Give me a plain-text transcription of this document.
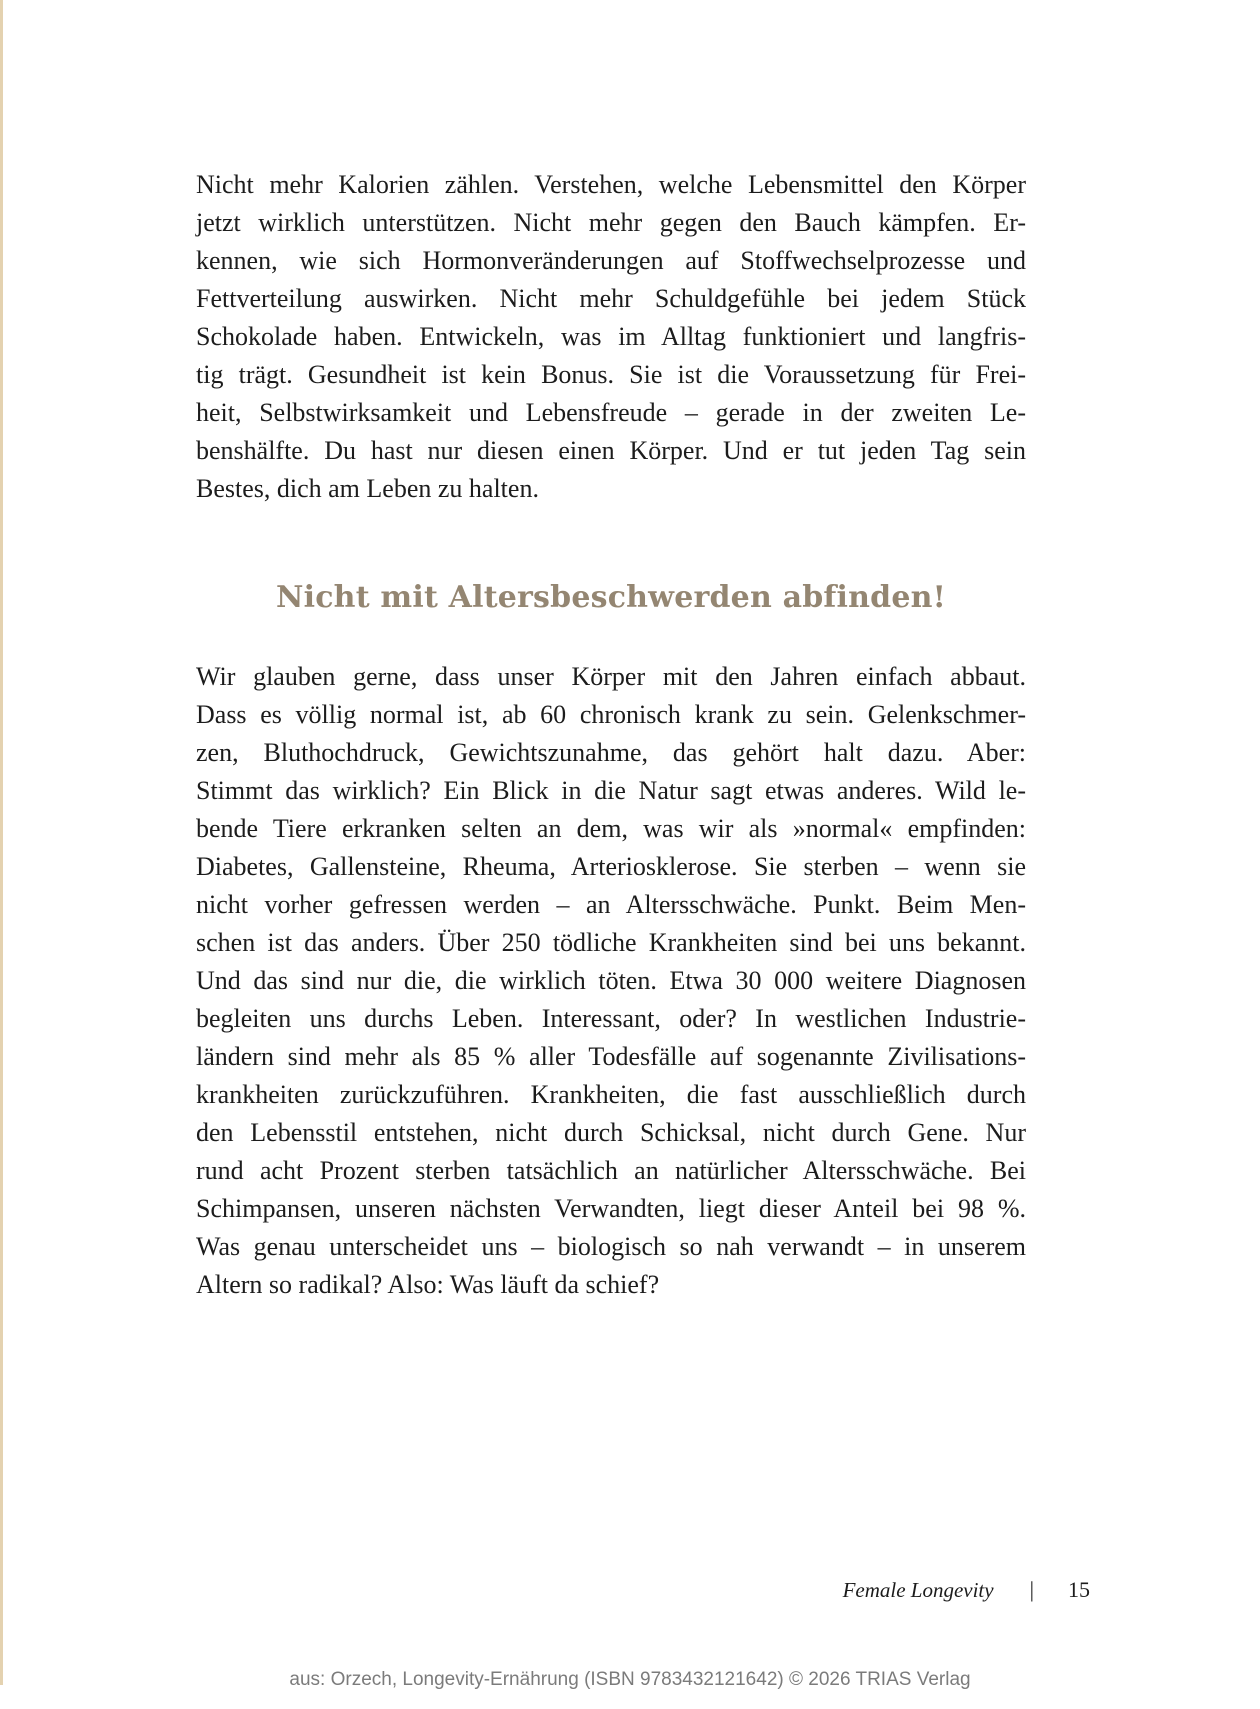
Nicht mehr Kalorien zählen. Verstehen, welche Lebensmittel den Körper
jetzt wirklich unterstützen. Nicht mehr gegen den Bauch kämpfen. Er-
kennen, wie sich Hormonveränderungen auf Stoffwechselprozesse und
Fettverteilung auswirken. Nicht mehr Schuldgefühle bei jedem Stück
Schokolade haben. Entwickeln, was im Alltag funktioniert und langfris-
tig trägt. Gesundheit ist kein Bonus. Sie ist die Voraussetzung für Frei-
heit, Selbstwirksamkeit und Lebensfreude – gerade in der zweiten Le-
benshälfte. Du hast nur diesen einen Körper. Und er tut jeden Tag sein
Bestes, dich am Leben zu halten.
Nicht mit Altersbeschwerden abfinden!
Wir glauben gerne, dass unser Körper mit den Jahren einfach abbaut.
Dass es völlig normal ist, ab 60 chronisch krank zu sein. Gelenkschmer-
zen, Bluthochdruck, Gewichtszunahme, das gehört halt dazu. Aber:
Stimmt das wirklich? Ein Blick in die Natur sagt etwas anderes. Wild le-
bende Tiere erkranken selten an dem, was wir als »normal« empfinden:
Diabetes, Gallensteine, Rheuma, Arteriosklerose. Sie sterben – wenn sie
nicht vorher gefressen werden – an Altersschwäche. Punkt. Beim Men-
schen ist das anders. Über 250 tödliche Krankheiten sind bei uns bekannt.
Und das sind nur die, die wirklich töten. Etwa 30 000 weitere Diagnosen
begleiten uns durchs Leben. Interessant, oder? In westlichen Industrie-
ländern sind mehr als 85 % aller Todesfälle auf sogenannte Zivilisations-
krankheiten zurückzuführen. Krankheiten, die fast ausschließlich durch
den Lebensstil entstehen, nicht durch Schicksal, nicht durch Gene. Nur
rund acht Prozent sterben tatsächlich an natürlicher Altersschwäche. Bei
Schimpansen, unseren nächsten Verwandten, liegt dieser Anteil bei 98 %.
Was genau unterscheidet uns – biologisch so nah verwandt – in unserem
Altern so radikal? Also: Was läuft da schief?
Female Longevity | 15
aus: Orzech, Longevity-Ernährung (ISBN 9783432121642) © 2026 TRIAS Verlag
